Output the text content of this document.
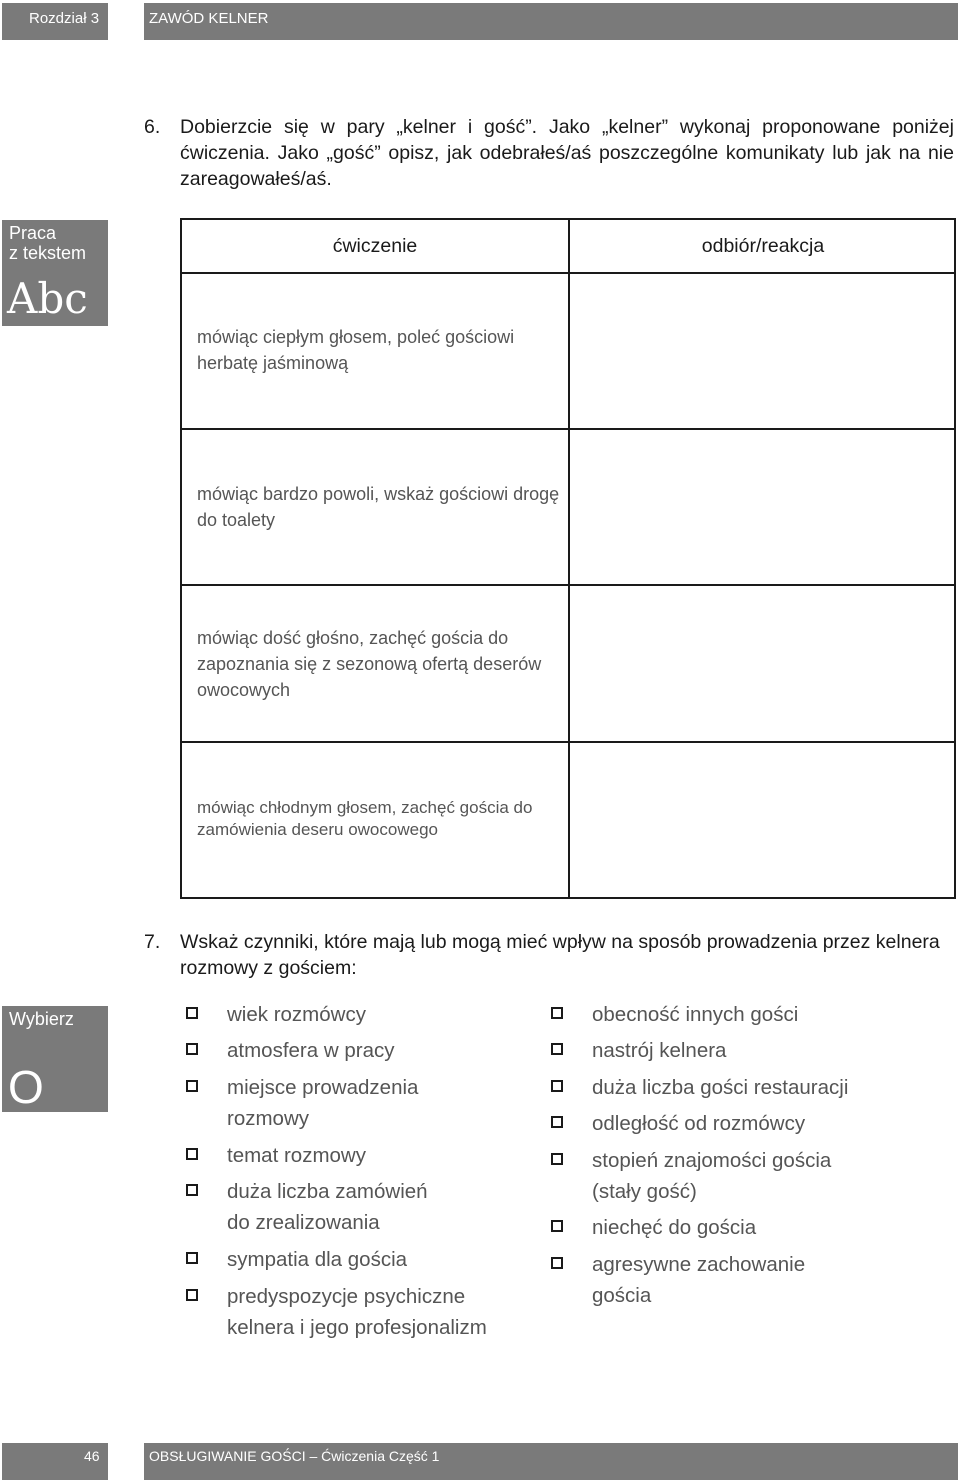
Rozdział 3	ZAWÓD KELNER
6. Dobierzcie się w pary „kelner i gość”. Jako „kelner” wykonaj proponowane poniżej ćwiczenia. Jako „gość” opisz, jak odebrałeś/aś poszczególne komunikaty lub jak na nie zareagowałeś/aś.
Praca
z tekstem
Abc
ćwiczenie	odbiór/reakcja
mówiąc ciepłym głosem, poleć gościowi herbatę jaśminową
mówiąc bardzo powoli, wskaż gościowi drogę do toalety
mówiąc dość głośno, zachęć gościa do zapoznania się z sezonową ofertą deserów owocowych
mówiąc chłodnym głosem, zachęć gościa do zamówienia deseru owocowego
7. Wskaż czynniki, które mają lub mogą mieć wpływ na sposób prowadzenia przez kelnera rozmowy z gościem:
Wybierz
O
wiek rozmówcy
atmosfera w pracy
miejsce prowadzenia
rozmowy
temat rozmowy
duża liczba zamówień
do zrealizowania
sympatia dla gościa
predyspozycje psychiczne
kelnera i jego profesjonalizm
obecność innych gości
nastrój kelnera
duża liczba gości restauracji
odległość od rozmówcy
stopień znajomości gościa
(stały gość)
niechęć do gościa
agresywne zachowanie
gościa
46	OBSŁUGIWANIE GOŚCI – Ćwiczenia Część 1
